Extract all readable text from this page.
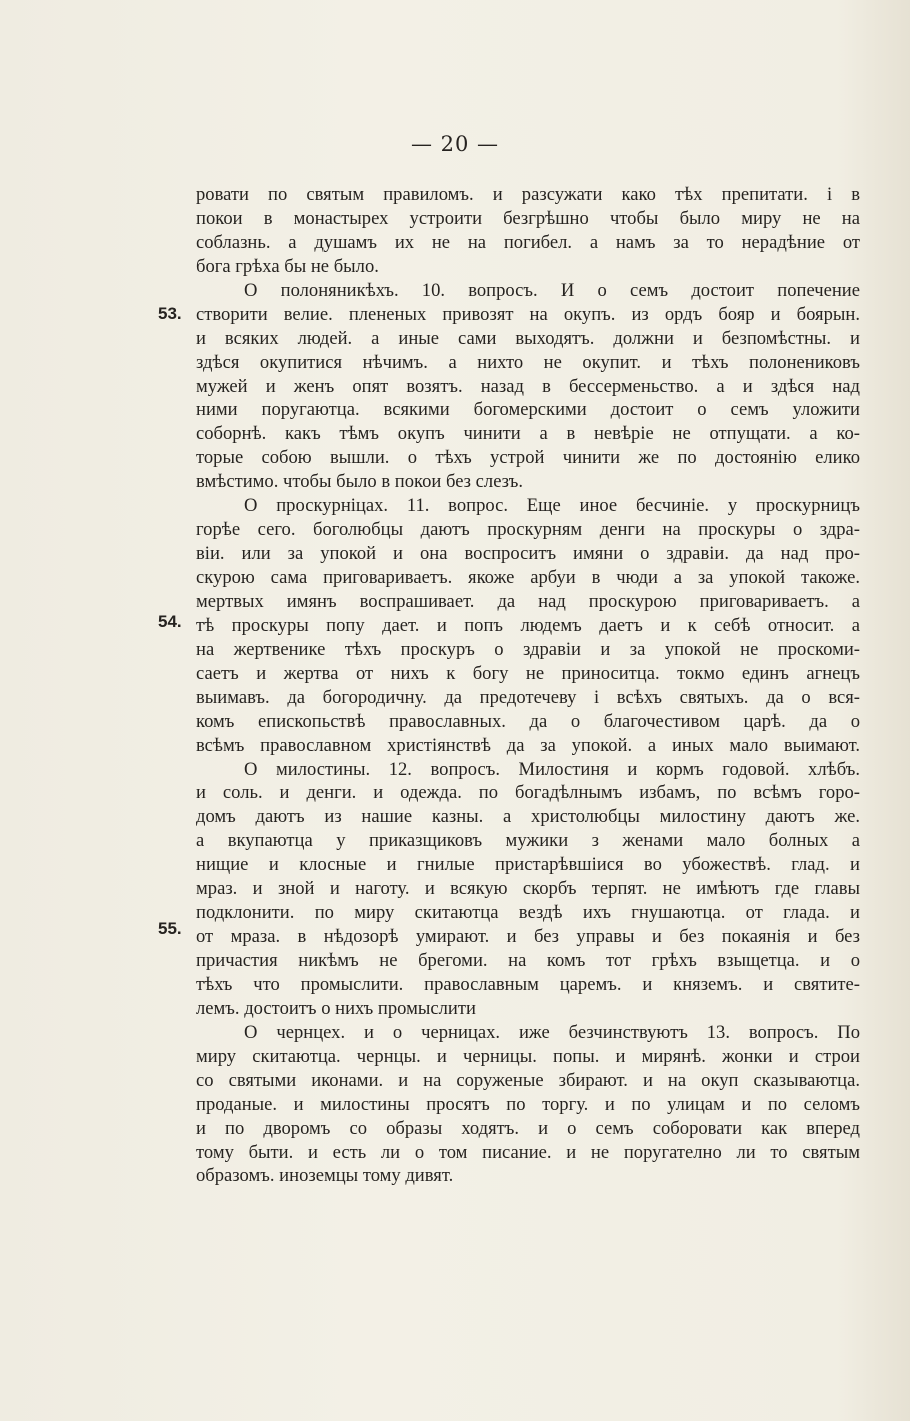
— 20 —
53.
54.
55.
ровати по святым правиломъ. и разсужати како тѣх препитати. і в
покои в монастырех устроити безгрѣшно чтобы было миру не на
соблазнь. а душамъ их не на погибел. а намъ за то нерадѣние от
бога грѣха бы не было.
О полоняникѣхъ. 10. вопросъ. И о семъ достоит попечение
створити велие. плененых привозят на окупъ. из ордъ бояр и боярын.
и всяких людей. а иные сами выходятъ. должни и безпомѣстны. и
здѣся окупитися нѣчимъ. а нихто не окупит. и тѣхъ полонениковъ
мужей и женъ опят возятъ. назад в бессерменьство. а и здѣся над
ними поругаютца. всякими богомерскими достоит о семъ уложити
соборнѣ. какъ тѣмъ окупъ чинити а в невѣріе не отпущати. а ко-
торые собою вышли. о тѣхъ устрой чинити же по достоянію елико
вмѣстимо. чтобы было в покои без слезъ.
О проскурніцах. 11. вопрос. Еще иное бесчиніе. у проскурницъ
горѣе сего. боголюбцы даютъ проскурням денги на проскуры о здра-
віи. или за упокой и она воспроситъ имяни о здравіи. да над про-
скурою сама приговариваетъ. якоже арбуи в чюди а за упокой такоже.
мертвых имянъ воспрашивает. да над проскурою приговариваетъ. а
тѣ проскуры попу дает. и попъ людемъ даетъ и к себѣ относит. а
на жертвенике тѣхъ проскуръ о здравіи и за упокой не проскоми-
саетъ и жертва от нихъ к богу не приноситца. токмо единъ агнецъ
выимавъ. да богородичну. да предотечеву і всѣхъ святыхъ. да о вся-
комъ епископьствѣ православных. да о благочестивом царѣ. да о
всѣмъ православном христіянствѣ да за упокой. а иных мало выимают.
О милостины. 12. вопросъ. Милостиня и кормъ годовой. хлѣбъ.
и соль. и денги. и одежда. по богадѣлнымъ избамъ, по всѣмъ горо-
домъ даютъ из нашие казны. а христолюбцы милостину даютъ же.
а вкупаютца у приказщиковъ мужики з женами мало болных а
нищие и клосные и гнилые пристарѣвшіися во убожествѣ. глад. и
мраз. и зной и наготу. и всякую скорбъ терпят. не имѣютъ где главы
подклонити. по миру скитаютца вездѣ ихъ гнушаютца. от глада. и
от мраза. в нѣдозорѣ умирают. и без управы и без покаянія и без
причастия никѣмъ не брегоми. на комъ тот грѣхъ взыщетца. и о
тѣхъ что промыслити. православным царемъ. и княземъ. и святите-
лемъ. достоитъ о нихъ промыслити
О чернцех. и о черницах. иже безчинствуютъ 13. вопросъ. По
миру скитаютца. чернцы. и черницы. попы. и мирянѣ. жонки и строи
со святыми иконами. и на соруженые збирают. и на окуп сказываютца.
проданые. и милостины просятъ по торгу. и по улицам и по селомъ
и по дворомъ со образы ходятъ. и о семъ соборовати как вперед
тому быти. и есть ли о том писание. и не поругателно ли то святым
образомъ. иноземцы тому дивят.
